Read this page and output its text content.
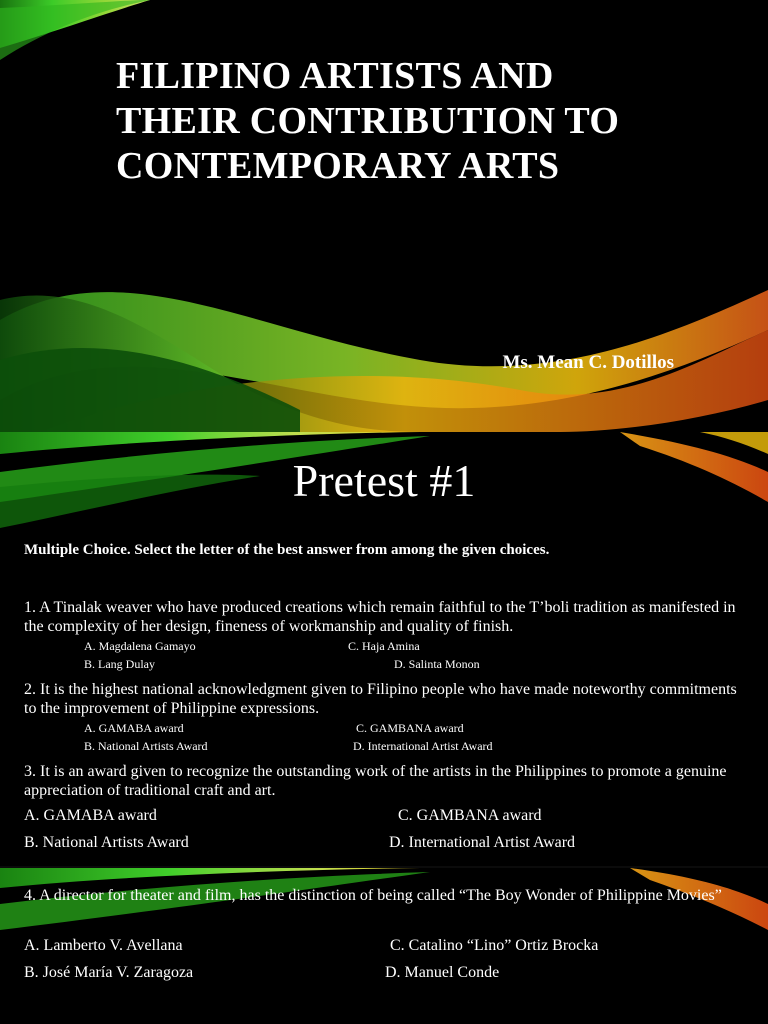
FILIPINO ARTISTS AND
THEIR CONTRIBUTION TO
CONTEMPORARY ARTS
Ms. Mean C. Dotillos
Pretest #1
Multiple Choice. Select the letter of the best answer from among the given choices.
1. A Tinalak weaver who have produced creations which remain faithful to the T’boli tradition as manifested in the complexity of her design, fineness of workmanship and quality of finish.
A. Magdalena Gamayo	C. Haja Amina
B. Lang Dulay	D. Salinta Monon
2. It is the highest national acknowledgment given to Filipino people who have made noteworthy commitments to the improvement of Philippine expressions.
A. GAMABA award	C. GAMBANA award
B. National Artists Award	D. International Artist Award
3. It is an award given to recognize the outstanding work of the artists in the Philippines to promote a genuine appreciation of traditional craft and art.
A. GAMABA award	C. GAMBANA award
B. National Artists Award	D. International Artist Award
4. A director for theater and film, has the distinction of being called “The Boy Wonder of Philippine Movies”
A. Lamberto V. Avellana	C. Catalino “Lino” Ortiz Brocka
B. José María V. Zaragoza	D. Manuel Conde
